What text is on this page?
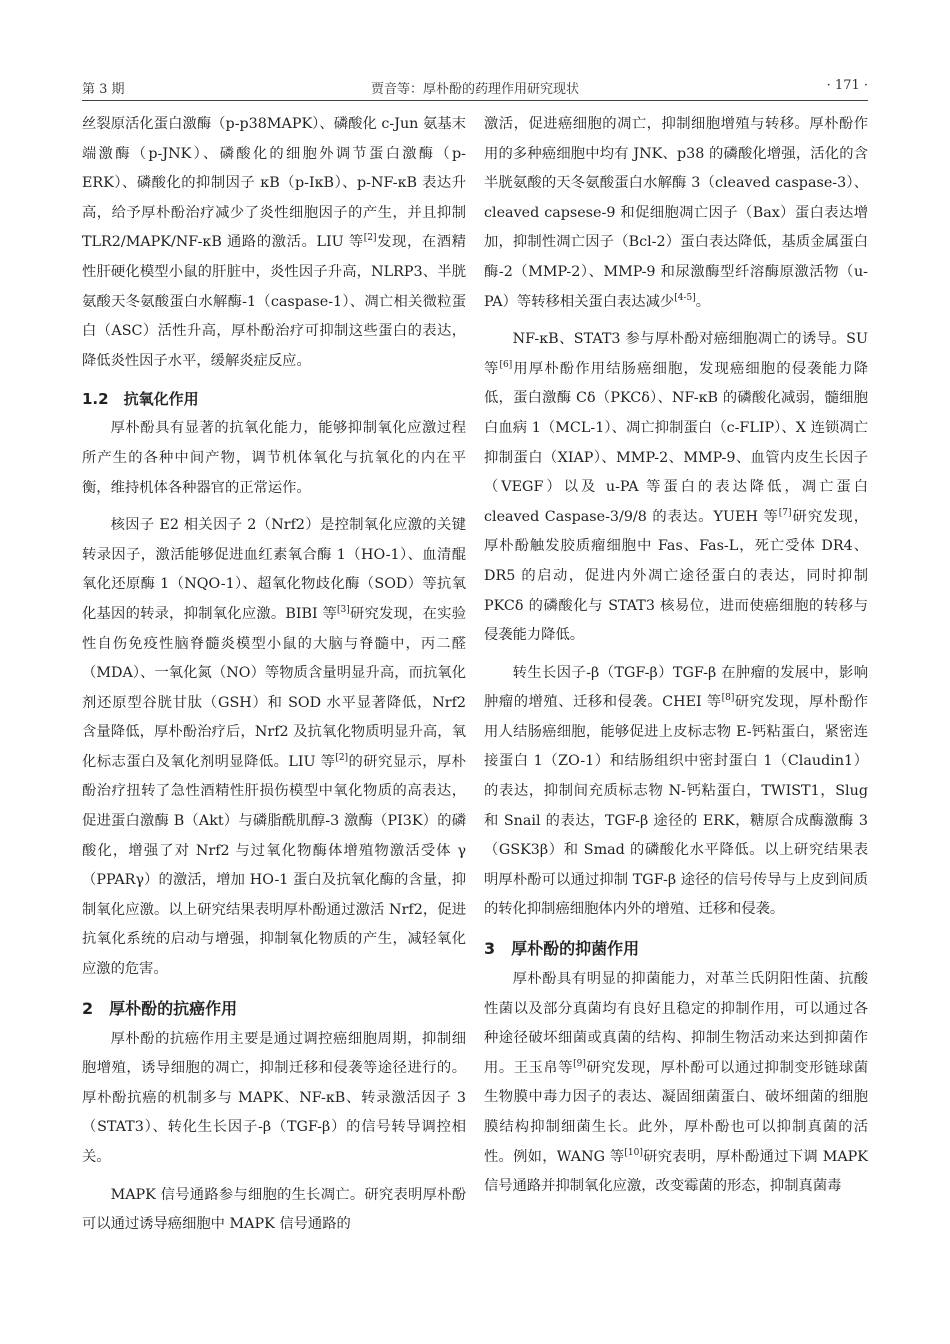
第 3 期	贾音等：厚朴酚的药理作用研究现状	· 171 ·

丝裂原活化蛋白激酶（p-p38MAPK）、磷酸化 c-Jun 氨基末端激酶（p-JNK）、磷酸化的细胞外调节蛋白激酶（p-ERK）、磷酸化的抑制因子 κB（p-IκB）、p-NF-κB 表达升高，给予厚朴酚治疗减少了炎性细胞因子的产生，并且抑制 TLR2/MAPK/NF-κB 通路的激活。LIU 等[2]发现，在酒精性肝硬化模型小鼠的肝脏中，炎性因子升高，NLRP3、半胱氨酸天冬氨酸蛋白水解酶-1（caspase-1）、凋亡相关微粒蛋白（ASC）活性升高，厚朴酚治疗可抑制这些蛋白的表达，降低炎性因子水平，缓解炎症反应。

1.2　抗氧化作用

厚朴酚具有显著的抗氧化能力，能够抑制氧化应激过程所产生的各种中间产物，调节机体氧化与抗氧化的内在平衡，维持机体各种器官的正常运作。

核因子 E2 相关因子 2（Nrf2）是控制氧化应激的关键转录因子，激活能够促进血红素氧合酶 1（HO-1）、血清醌氧化还原酶 1（NQO-1）、超氧化物歧化酶（SOD）等抗氧化基因的转录，抑制氧化应激。BIBI 等[3]研究发现，在实验性自伤免疫性脑脊髓炎模型小鼠的大脑与脊髓中，丙二醛（MDA）、一氧化氮（NO）等物质含量明显升高，而抗氧化剂还原型谷胱甘肽（GSH）和 SOD 水平显著降低，Nrf2 含量降低，厚朴酚治疗后，Nrf2 及抗氧化物质明显升高，氧化标志蛋白及氧化剂明显降低。LIU 等[2]的研究显示，厚朴酚治疗扭转了急性酒精性肝损伤模型中氧化物质的高表达，促进蛋白激酶 B（Akt）与磷脂酰肌醇-3 激酶（PI3K）的磷酸化，增强了对 Nrf2 与过氧化物酶体增殖物激活受体 γ（PPARγ）的激活，增加 HO-1 蛋白及抗氧化酶的含量，抑制氧化应激。以上研究结果表明厚朴酚通过激活 Nrf2，促进抗氧化系统的启动与增强，抑制氧化物质的产生，减轻氧化应激的危害。

2　厚朴酚的抗癌作用

厚朴酚的抗癌作用主要是通过调控癌细胞周期，抑制细胞增殖，诱导细胞的凋亡，抑制迁移和侵袭等途径进行的。厚朴酚抗癌的机制多与 MAPK、NF-κB、转录激活因子 3（STAT3）、转化生长因子-β（TGF-β）的信号转导调控相关。

MAPK 信号通路参与细胞的生长凋亡。研究表明厚朴酚可以通过诱导癌细胞中 MAPK 信号通路的

激活，促进癌细胞的凋亡，抑制细胞增殖与转移。厚朴酚作用的多种癌细胞中均有 JNK、p38 的磷酸化增强，活化的含半胱氨酸的天冬氨酸蛋白水解酶 3（cleaved caspase-3）、cleaved capsese-9 和促细胞凋亡因子（Bax）蛋白表达增加，抑制性凋亡因子（Bcl-2）蛋白表达降低，基质金属蛋白酶-2（MMP-2）、MMP-9 和尿激酶型纤溶酶原激活物（u-PA）等转移相关蛋白表达减少[4-5]。

NF-κB、STAT3 参与厚朴酚对癌细胞凋亡的诱导。SU 等[6]用厚朴酚作用结肠癌细胞，发现癌细胞的侵袭能力降低，蛋白激酶 Cδ（PKCδ）、NF-κB 的磷酸化减弱，髓细胞白血病 1（MCL-1）、凋亡抑制蛋白（c-FLIP）、X 连锁凋亡抑制蛋白（XIAP）、MMP-2、MMP-9、血管内皮生长因子（VEGF）以及 u-PA 等蛋白的表达降低，凋亡蛋白 cleaved Caspase-3/9/8 的表达。YUEH 等[7]研究发现，厚朴酚触发胶质瘤细胞中 Fas、Fas-L，死亡受体 DR4、DR5 的启动，促进内外凋亡途径蛋白的表达，同时抑制 PKCδ 的磷酸化与 STAT3 核易位，进而使癌细胞的转移与侵袭能力降低。

转生长因子-β（TGF-β）TGF-β 在肿瘤的发展中，影响肿瘤的增殖、迁移和侵袭。CHEI 等[8]研究发现，厚朴酚作用人结肠癌细胞，能够促进上皮标志物 E-钙粘蛋白，紧密连接蛋白 1（ZO-1）和结肠组织中密封蛋白 1（Claudin1）的表达，抑制间充质标志物 N-钙粘蛋白，TWIST1，Slug 和 Snail 的表达，TGF-β 途径的 ERK，糖原合成酶激酶 3（GSK3β）和 Smad 的磷酸化水平降低。以上研究结果表明厚朴酚可以通过抑制 TGF-β 途径的信号传导与上皮到间质的转化抑制癌细胞体内外的增殖、迁移和侵袭。

3　厚朴酚的抑菌作用

厚朴酚具有明显的抑菌能力，对革兰氏阴阳性菌、抗酸性菌以及部分真菌均有良好且稳定的抑制作用，可以通过各种途径破坏细菌或真菌的结构、抑制生物活动来达到抑菌作用。王玉帛等[9]研究发现，厚朴酚可以通过抑制变形链球菌生物膜中毒力因子的表达、凝固细菌蛋白、破坏细菌的细胞膜结构抑制细菌生长。此外，厚朴酚也可以抑制真菌的活性。例如，WANG 等[10]研究表明，厚朴酚通过下调 MAPK 信号通路并抑制氧化应激，改变霉菌的形态，抑制真菌毒
